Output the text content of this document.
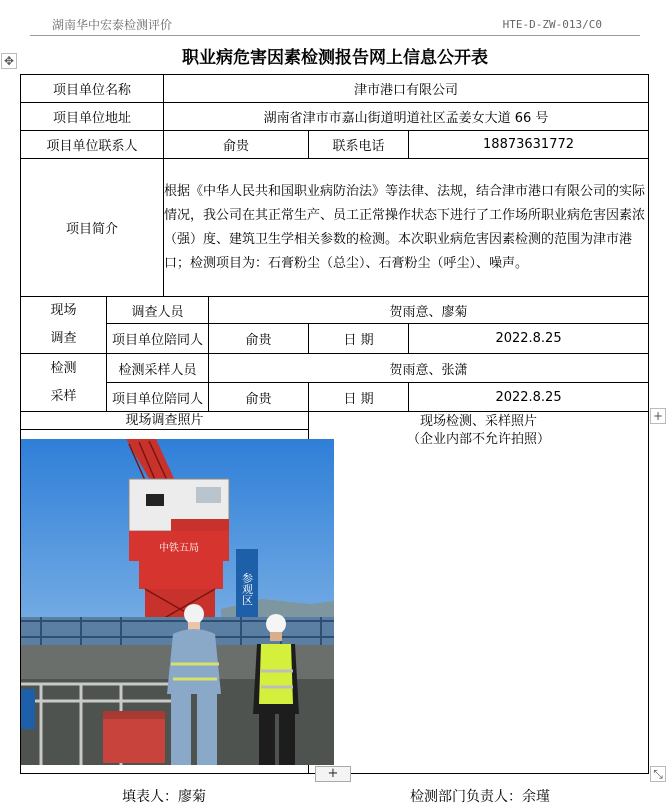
湖南华中宏泰检测评价	HTE-D-ZW-013/C0
✥	职业病危害因素检测报告网上信息公开表
项目单位名称		津市港口有限公司			
项目单位地址		湖南省津市市嘉山街道明道社区孟姜女大道 66 号			
项目单位联系人		俞贵		联系电话	18873631772
项目简介		根据《中华人民共和国职业病防治法》等法律、法规，结合津市港口有限公司的实际情况，我公司在其正常生产、员工正常操作状态下进行了工作场所职业病危害因素浓（强）度、建筑卫生学相关参数的检测。本次职业病危害因素检测的范围为津市港口；检测项目为：石膏粉尘（总尘）、石膏粉尘（呼尘）、噪声。			

现场
调查	调查人员		贺雨意、廖菊		
	项目单位陪同人		俞贵	日 期	2022.8.25

检测
采样	检测采样人员		贺雨意、张潇		
	项目单位陪同人		俞贵	日 期	2022.8.25
现场调查照片				现场检测、采样照片
（企业内部不允许拍照）	

中铁五局
参观区					
+
+	⤡
填表人：廖菊	检测部门负责人：余瑾
